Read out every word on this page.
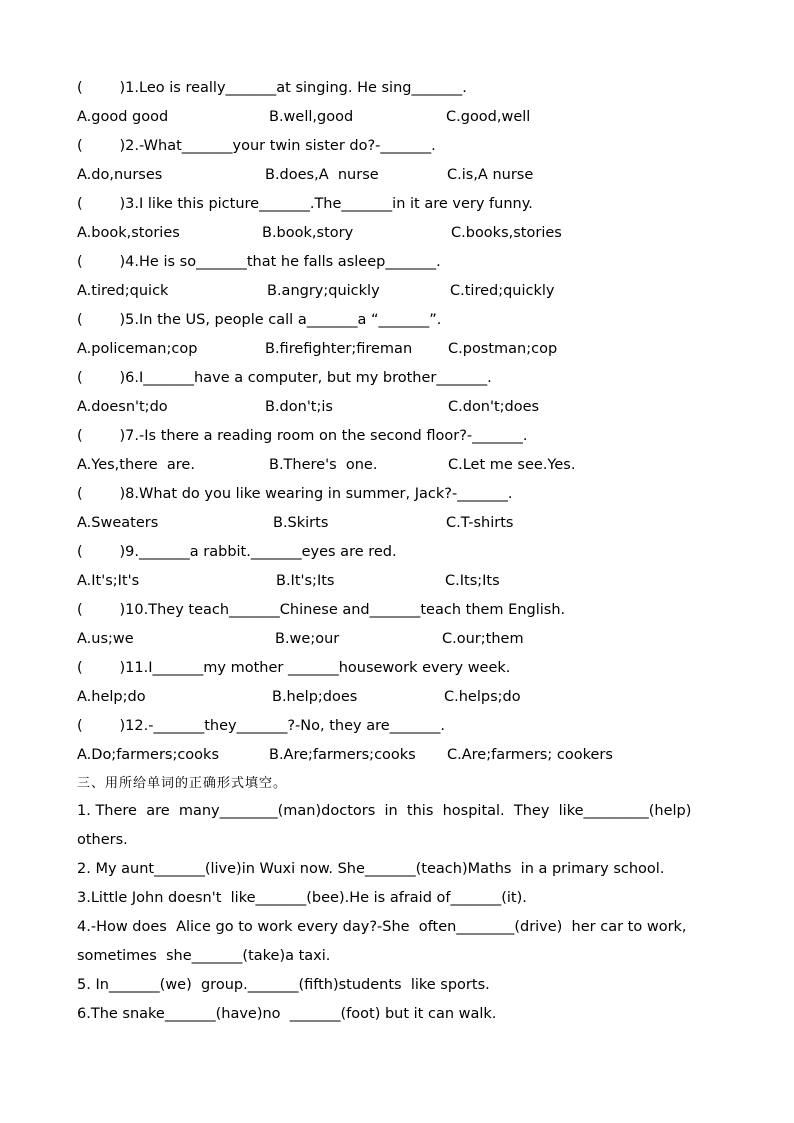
(        )1.Leo is really_______at singing. He sing_______.
A.good good	B.well,good	C.good,well
(        )2.-What_______your twin sister do?-_______.
A.do,nurses	B.does,A  nurse	C.is,A nurse
(        )3.I like this picture_______.The_______in it are very funny.
A.book,stories	B.book,story	C.books,stories
(        )4.He is so_______that he falls asleep_______.
A.tired;quick	B.angry;quickly	C.tired;quickly
(        )5.In the US, people call a_______a “_______”.
A.policeman;cop	B.firefighter;fireman C.postman;cop
(        )6.I_______have a computer, but my brother_______.
A.doesn't;do	B.don't;is	C.don't;does
(        )7.-Is there a reading room on the second floor?-_______.
A.Yes,there  are.	B.There's  one.	C.Let me see.Yes.
(        )8.What do you like wearing in summer, Jack?-_______.
A.Sweaters	B.Skirts	C.T-shirts
(        )9._______a rabbit._______eyes are red.
A.It's;It's	B.It's;Its	C.Its;Its
(        )10.They teach_______Chinese and_______teach them English.
A.us;we	B.we;our	C.our;them
(        )11.I_______my mother _______housework every week.
A.help;do	B.help;does	C.helps;do
(        )12.-_______they_______?-No, they are_______.
A.Do;farmers;cooks	B.Are;farmers;cooks C.Are;farmers; cookers
三、用所给单词的正确形式填空。
1. There  are  many________(man)doctors  in  this  hospital.  They  like_________(help)
others.
2. My aunt_______(live)in Wuxi now. She_______(teach)Maths  in a primary school.
3.Little John doesn't  like_______(bee).He is afraid of_______(it).
4.-How does  Alice go to work every day?-She  often________(drive)  her car to work,
sometimes  she_______(take)a taxi.
5. In_______(we)  group._______(fifth)students  like sports.
6.The snake_______(have)no  _______(foot) but it can walk.
